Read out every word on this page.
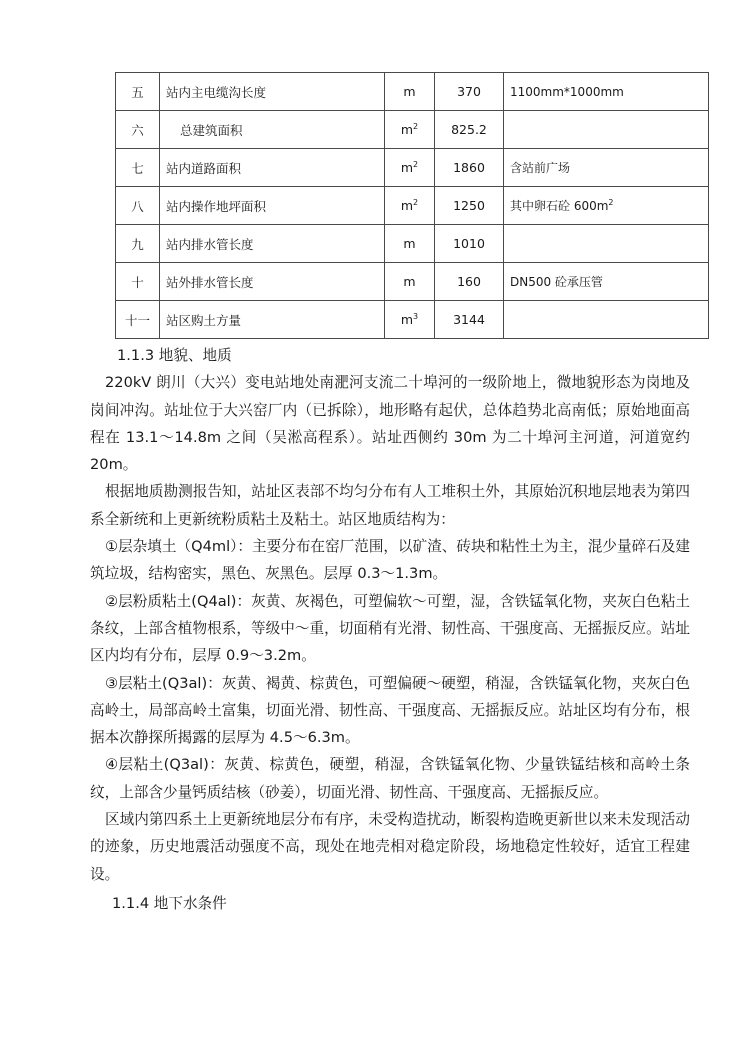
五	站内主电缆沟长度	m	370	1100mm*1000mm
六	总建筑面积	$m^2$	825.2	
七	站内道路面积	$m^2$	1860	含站前广场
八	站内操作地坪面积	$m^2$	1250	其中卵石砼 $600m^2$
九	站内排水管长度	m	1010	
十	站外排水管长度	m	160	DN500 砼承压管
十一	站区购土方量	$m^3$	3144	

1.1.3 地貌、地质

220kV 朗川（大兴）变电站地处南淝河支流二十埠河的一级阶地上，微地貌形态为岗地及岗间冲沟。站址位于大兴窑厂内（已拆除），地形略有起伏，总体趋势北高南低；原始地面高程在 13.1～14.8m 之间（吴淞高程系）。站址西侧约 30m 为二十埠河主河道，河道宽约 20m。

根据地质勘测报告知，站址区表部不均匀分布有人工堆积土外，其原始沉积地层地表为第四系全新统和上更新统粉质粘土及粘土。站区地质结构为：

①层杂填土（Q4ml）：主要分布在窑厂范围，以矿渣、砖块和粘性土为主，混少量碎石及建筑垃圾，结构密实，黑色、灰黑色。层厚 0.3～1.3m。

②层粉质粘土(Q4al)：灰黄、灰褐色，可塑偏软～可塑，湿，含铁锰氧化物，夹灰白色粘土条纹，上部含植物根系，等级中～重，切面稍有光滑、韧性高、干强度高、无摇振反应。站址区内均有分布，层厚 0.9～3.2m。

③层粘土(Q3al)：灰黄、褐黄、棕黄色，可塑偏硬～硬塑，稍湿，含铁锰氧化物，夹灰白色高岭土，局部高岭土富集，切面光滑、韧性高、干强度高、无摇振反应。站址区均有分布，根据本次静探所揭露的层厚为 4.5～6.3m。

④层粘土(Q3al)：灰黄、棕黄色，硬塑，稍湿，含铁锰氧化物、少量铁锰结核和高岭土条纹，上部含少量钙质结核（砂姜），切面光滑、韧性高、干强度高、无摇振反应。

区域内第四系土上更新统地层分布有序，未受构造扰动，断裂构造晚更新世以来未发现活动的迹象，历史地震活动强度不高，现处在地壳相对稳定阶段，场地稳定性较好，适宜工程建设。

1.1.4 地下水条件
